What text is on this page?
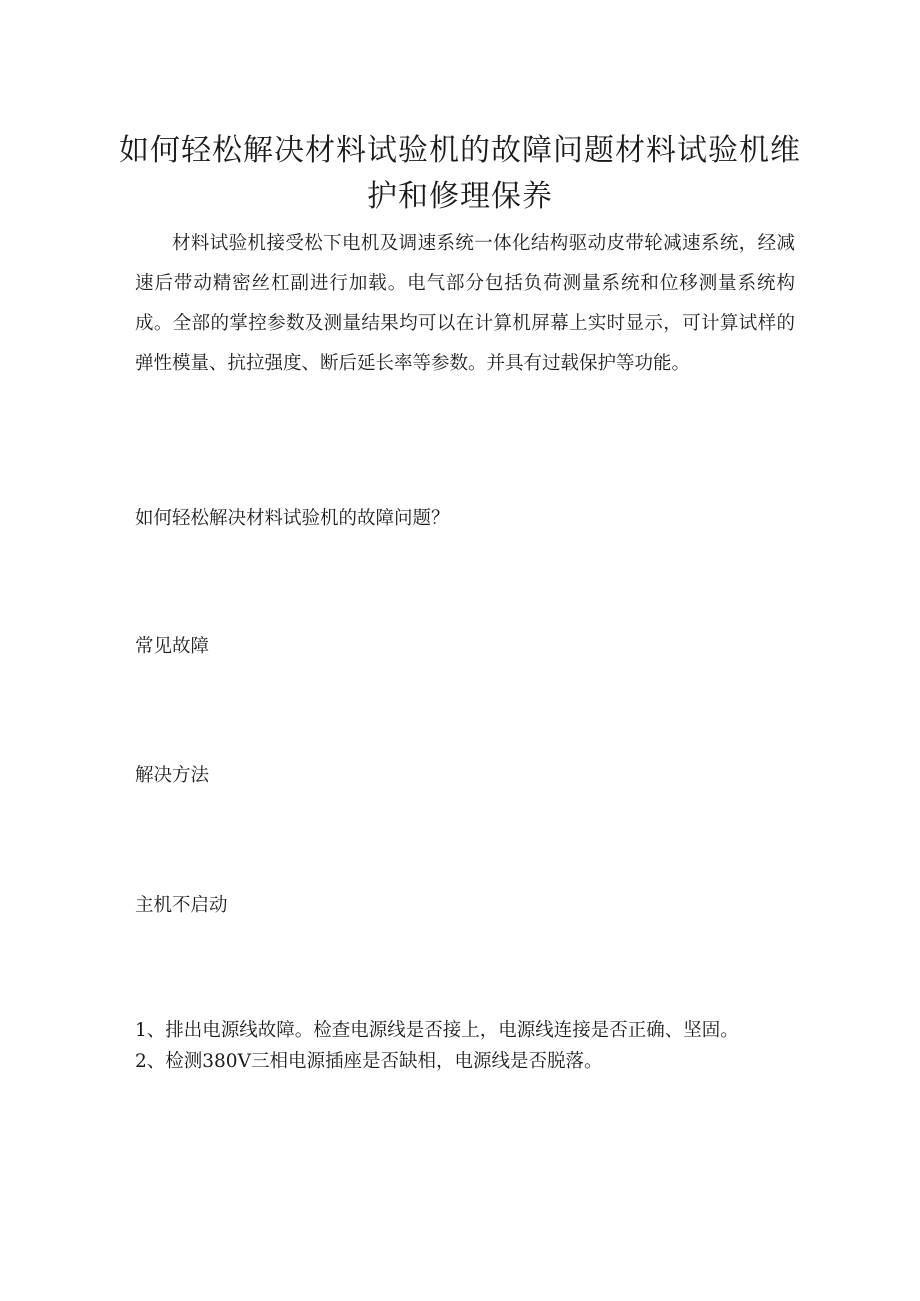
如何轻松解决材料试验机的故障问题材料试验机维护和修理保养

材料试验机接受松下电机及调速系统一体化结构驱动皮带轮减速系统，经减速后带动精密丝杠副进行加载。电气部分包括负荷测量系统和位移测量系统构成。全部的掌控参数及测量结果均可以在计算机屏幕上实时显示，可计算试样的弹性模量、抗拉强度、断后延长率等参数。并具有过载保护等功能。

如何轻松解决材料试验机的故障问题？

常见故障

解决方法

主机不启动

1、排出电源线故障。检查电源线是否接上，电源线连接是否正确、坚固。

2、检测380V三相电源插座是否缺相，电源线是否脱落。
